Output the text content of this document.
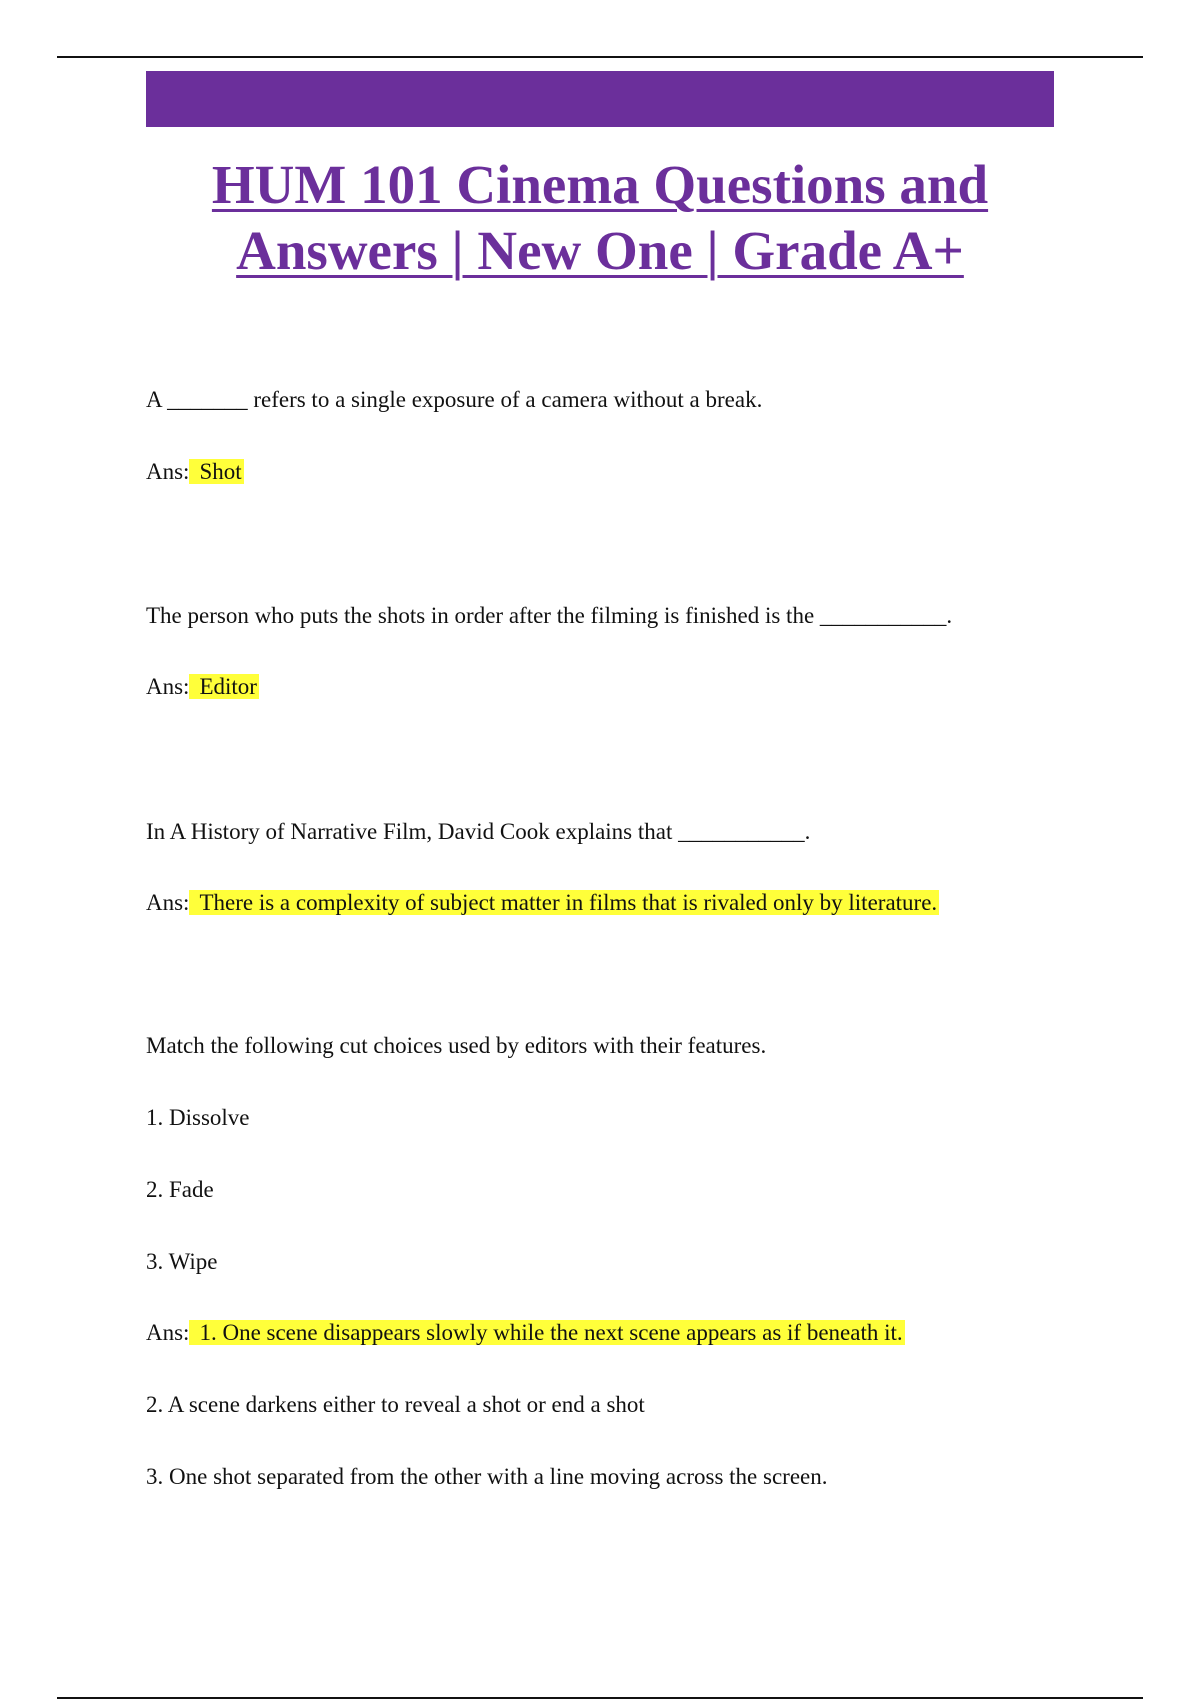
HUM 101 Cinema Questions and
Answers | New One | Grade A+

A _______ refers to a single exposure of a camera without a break.

Ans: Shot

The person who puts the shots in order after the filming is finished is the ___________.

Ans: Editor

In A History of Narrative Film, David Cook explains that ___________.

Ans: There is a complexity of subject matter in films that is rivaled only by literature.

Match the following cut choices used by editors with their features.

1. Dissolve

2. Fade

3. Wipe

Ans: 1. One scene disappears slowly while the next scene appears as if beneath it.

2. A scene darkens either to reveal a shot or end a shot

3. One shot separated from the other with a line moving across the screen.
